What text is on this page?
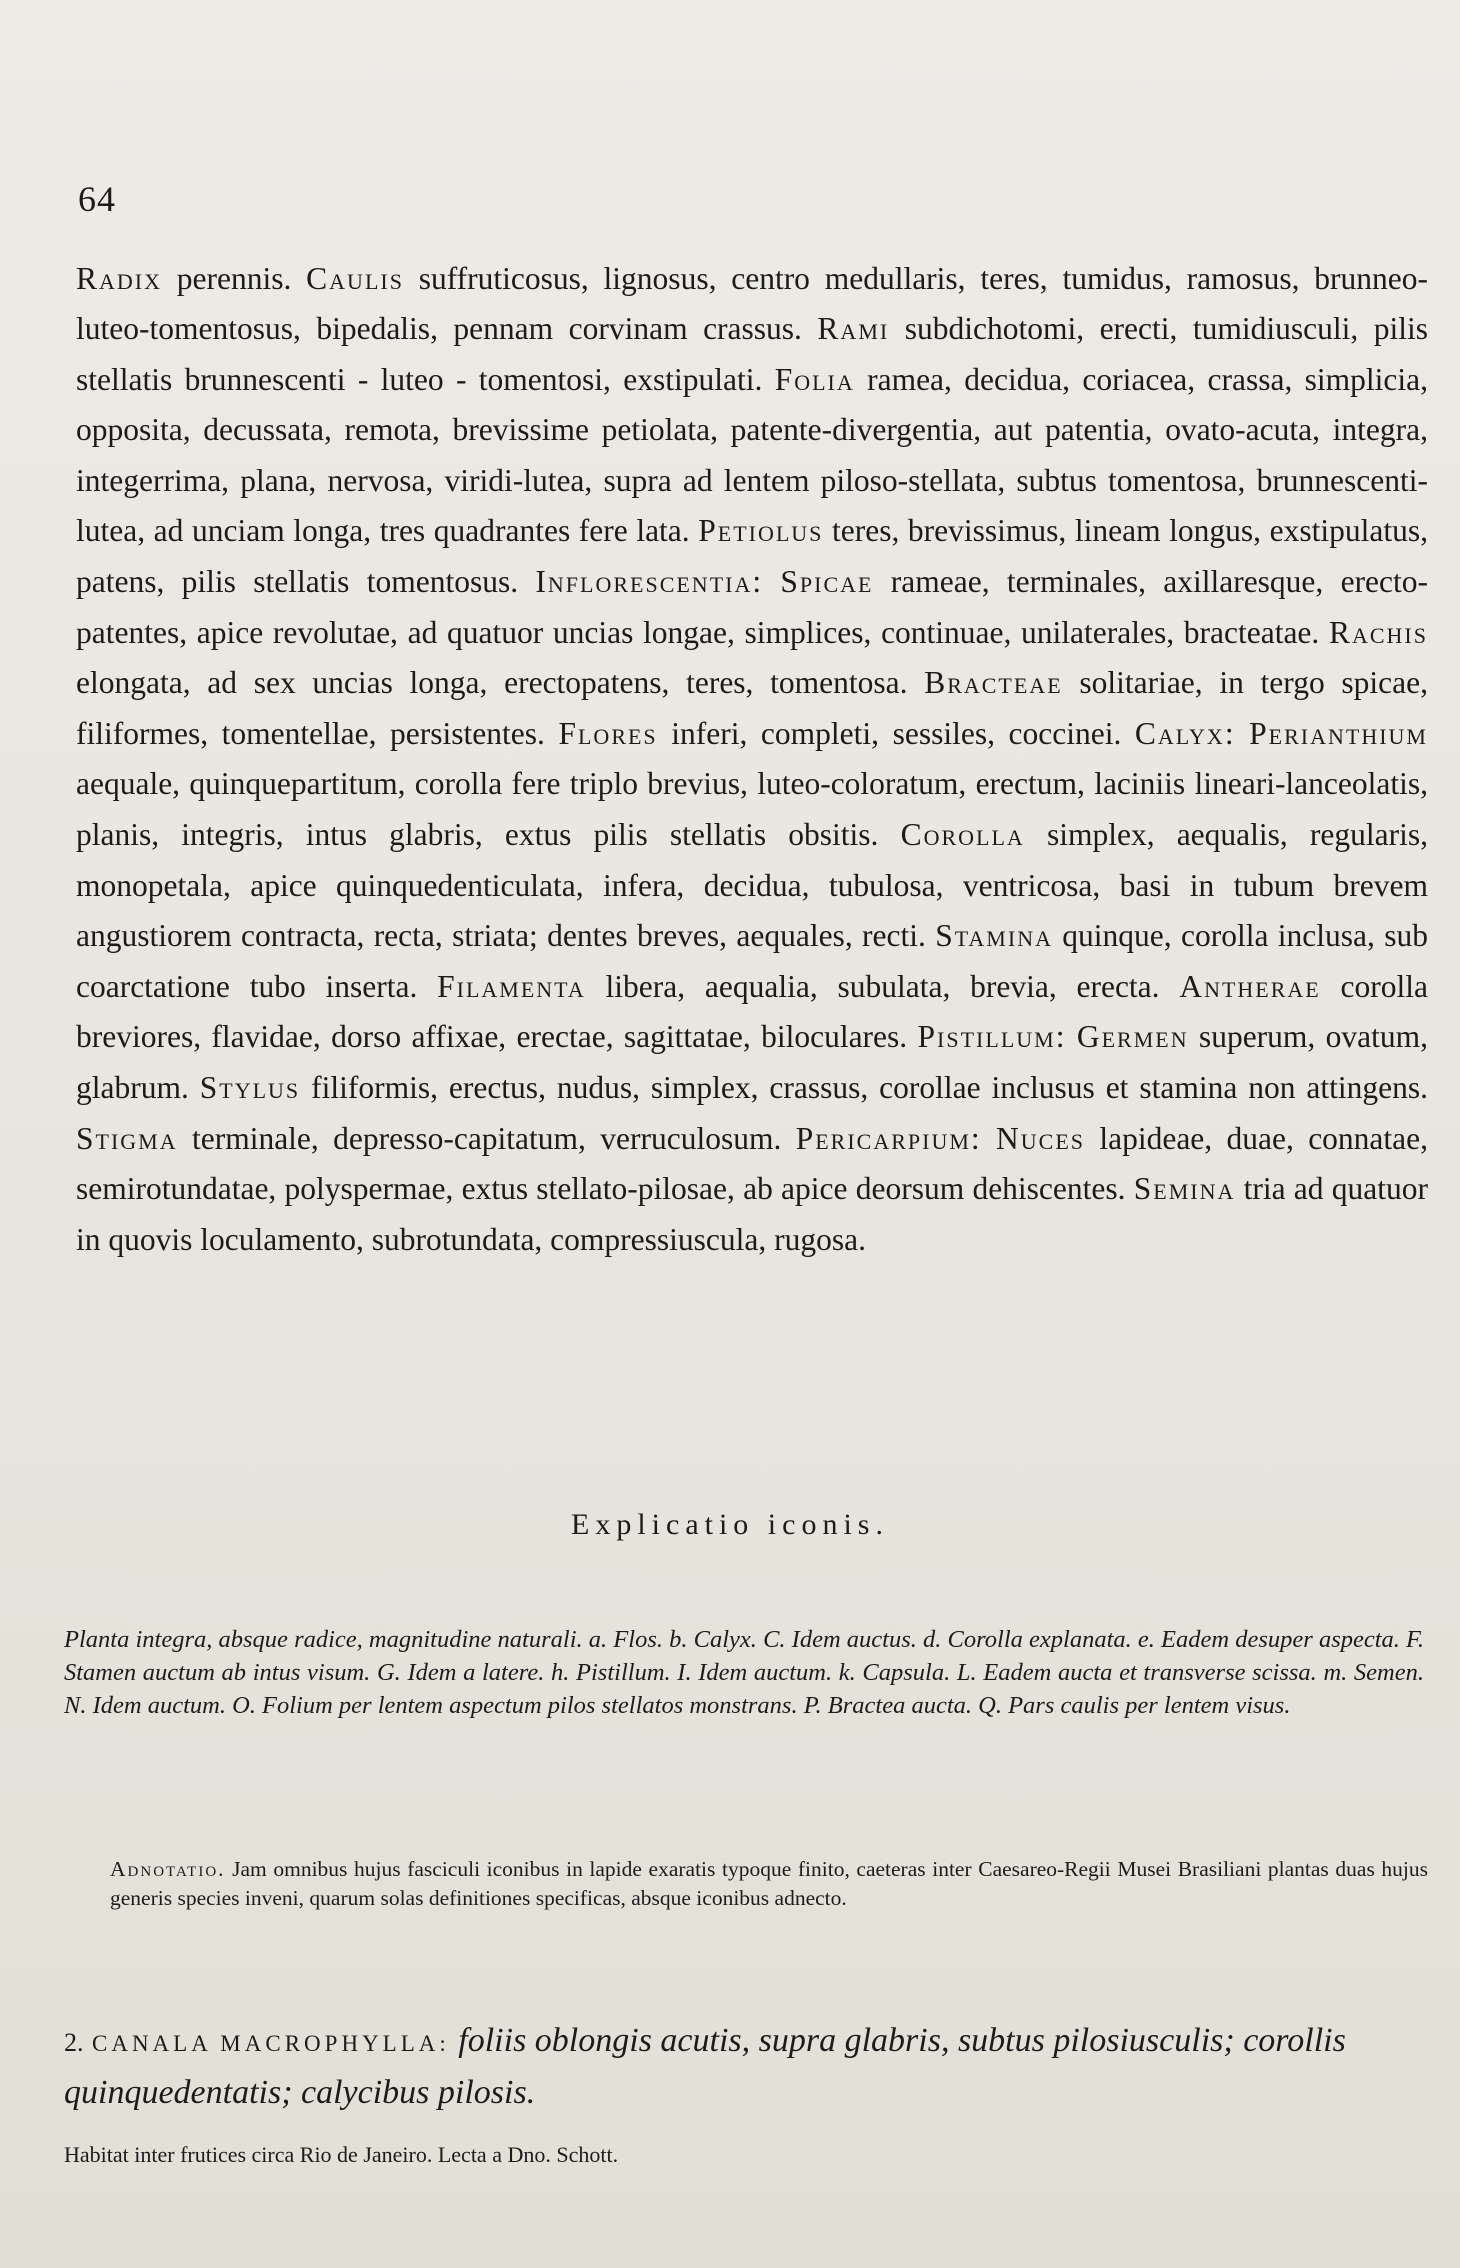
64

Radix perennis. Caulis suffruticosus, lignosus, centro medullaris, teres, tumidus, ramosus, brunneo-luteo-tomentosus, bipedalis, pennam corvinam crassus. Rami subdichotomi, erecti, tumidiusculi, pilis stellatis brunnescenti - luteo - tomentosi, exstipulati. Folia ramea, decidua, coriacea, crassa, simplicia, opposita, decussata, remota, brevissime petiolata, patente-divergentia, aut patentia, ovato-acuta, integra, integerrima, plana, nervosa, viridi-lutea, supra ad lentem piloso-stellata, subtus tomentosa, brunnescenti-lutea, ad unciam longa, tres quadrantes fere lata. Petiolus teres, brevissimus, lineam longus, exstipulatus, patens, pilis stellatis tomentosus. Inflorescentia: Spicae rameae, terminales, axillaresque, erecto-patentes, apice revolutae, ad quatuor uncias longae, simplices, continuae, unilaterales, bracteatae. Rachis elongata, ad sex uncias longa, erectopatens, teres, tomentosa. Bracteae solitariae, in tergo spicae, filiformes, tomentellae, persistentes. Flores inferi, completi, sessiles, coccinei. Calyx: Perianthium aequale, quinquepartitum, corolla fere triplo brevius, luteo-coloratum, erectum, laciniis lineari-lanceolatis, planis, integris, intus glabris, extus pilis stellatis obsitis. Corolla simplex, aequalis, regularis, monopetala, apice quinquedenticulata, infera, decidua, tubulosa, ventricosa, basi in tubum brevem angustiorem contracta, recta, striata; dentes breves, aequales, recti. Stamina quinque, corolla inclusa, sub coarctatione tubo inserta. Filamenta libera, aequalia, subulata, brevia, erecta. Antherae corolla breviores, flavidae, dorso affixae, erectae, sagittatae, biloculares. Pistillum: Germen superum, ovatum, glabrum. Stylus filiformis, erectus, nudus, simplex, crassus, corollae inclusus et stamina non attingens. Stigma terminale, depresso-capitatum, verruculosum. Pericarpium: Nuces lapideae, duae, connatae, semirotundatae, polyspermae, extus stellato-pilosae, ab apice deorsum dehiscentes. Semina tria ad quatuor in quovis loculamento, subrotundata, compressiuscula, rugosa.

Explicatio iconis.

Planta integra, absque radice, magnitudine naturali. a. Flos. b. Calyx. C. Idem auctus. d. Corolla explanata. e. Eadem desuper aspecta. F. Stamen auctum ab intus visum. G. Idem a latere. h. Pistillum. I. Idem auctum. k. Capsula. L. Eadem aucta et transverse scissa. m. Semen. N. Idem auctum. O. Folium per lentem aspectum pilos stellatos monstrans. P. Bractea aucta. Q. Pars caulis per lentem visus.

Adnotatio. Jam omnibus hujus fasciculi iconibus in lapide exaratis typoque finito, caeteras inter Caesareo-Regii Musei Brasiliani plantas duas hujus generis species inveni, quarum solas definitiones specificas, absque iconibus adnecto.

2. CANALA MACROPHYLLA: foliis oblongis acutis, supra glabris, subtus pilosiusculis; corollis quinquedentatis; calycibus pilosis.

Habitat inter frutices circa Rio de Janeiro. Lecta a Dno. Schott.
